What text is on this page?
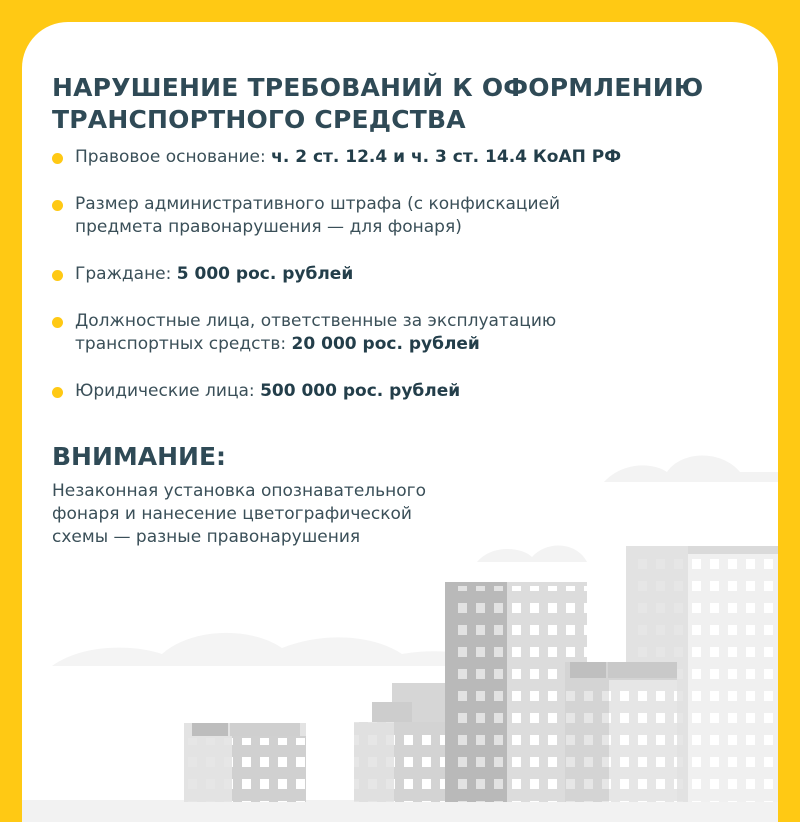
НАРУШЕНИЕ ТРЕБОВАНИЙ К ОФОРМЛЕНИЮ
ТРАНСПОРТНОГО СРЕДСТВА
Правовое основание: ч. 2 ст. 12.4 и ч. 3 ст. 14.4 КоАП РФ
Размер административного штрафа (с конфискацией
предмета правонарушения — для фонаря)
Граждане: 5 000 рос. рублей
Должностные лица, ответственные за эксплуатацию
транспортных средств: 20 000 рос. рублей
Юридические лица: 500 000 рос. рублей
ВНИМАНИЕ:
Незаконная установка опознавательного
фонаря и нанесение цветографической
схемы — разные правонарушения
